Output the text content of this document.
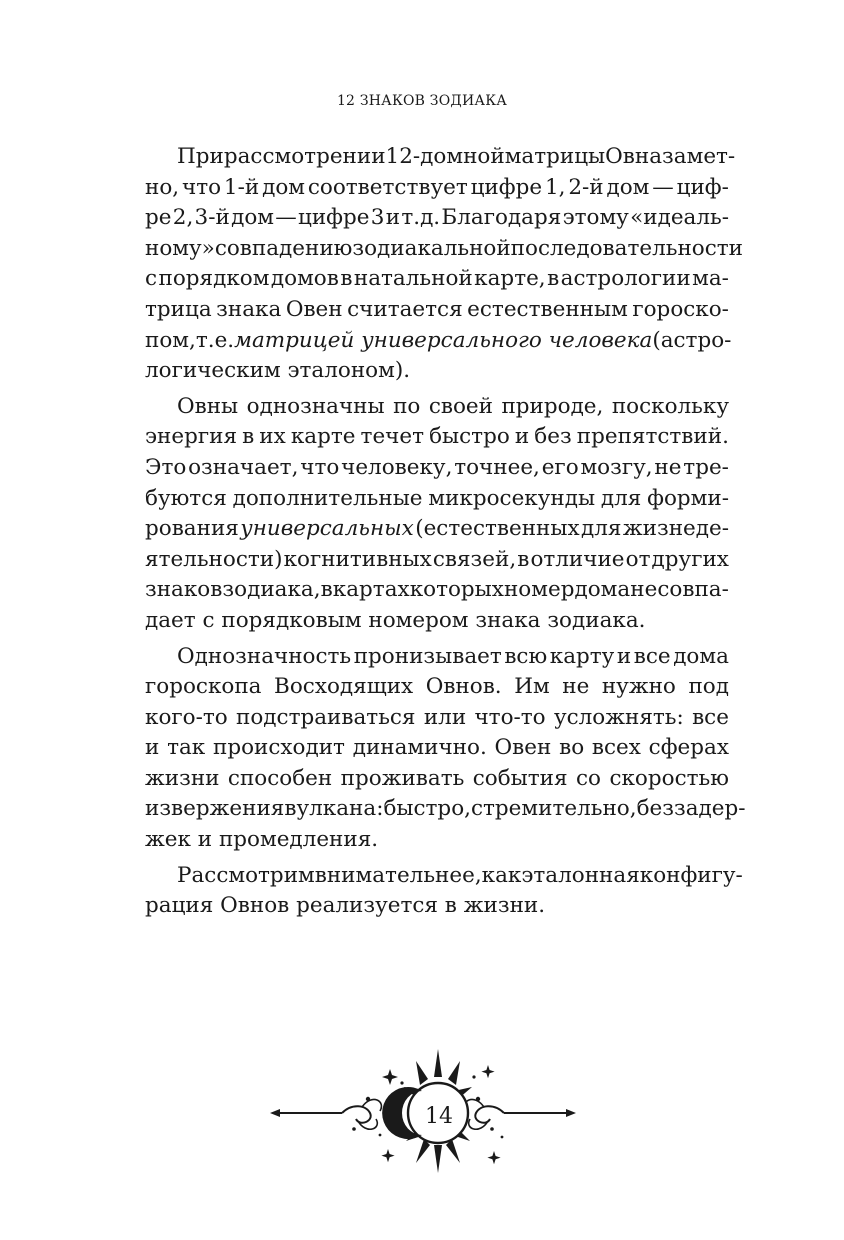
12 ЗНАКОВ ЗОДИАКА
При рассмотрении 12-домной матрицы Овна замет-
но, что 1-й дом соответствует цифре 1, 2-й дом — циф-
ре 2, 3-й дом — цифре 3 и т.д. Благодаря этому «идеаль-
ному» совпадению зодиакальной последовательности
с порядком домов в натальной карте, в астрологии ма-
трица знака Овен считается естественным гороско-
пом, т.е. матрицей универсального человека (астро-
логическим эталоном).
Овны однозначны по своей природе, поскольку
энергия в их карте течет быстро и без препятствий.
Это означает, что человеку, точнее, его мозгу, не тре-
буются дополнительные микросекунды для форми-
рования универсальных (естественных для жизнеде-
ятельности) когнитивных связей, в отличие от других
знаков зодиака, в картах которых номер дома не совпа-
дает с порядковым номером знака зодиака.
Однозначность пронизывает всю карту и все дома
гороскопа Восходящих Овнов. Им не нужно под
кого-то подстраиваться или что-то усложнять: все
и так происходит динамично. Овен во всех сферах
жизни способен проживать события со скоростью
извержения вулкана: быстро, стремительно, без задер-
жек и промедления.
Рассмотрим внимательнее, как эталонная конфигу-
рация Овнов реализуется в жизни.
14
